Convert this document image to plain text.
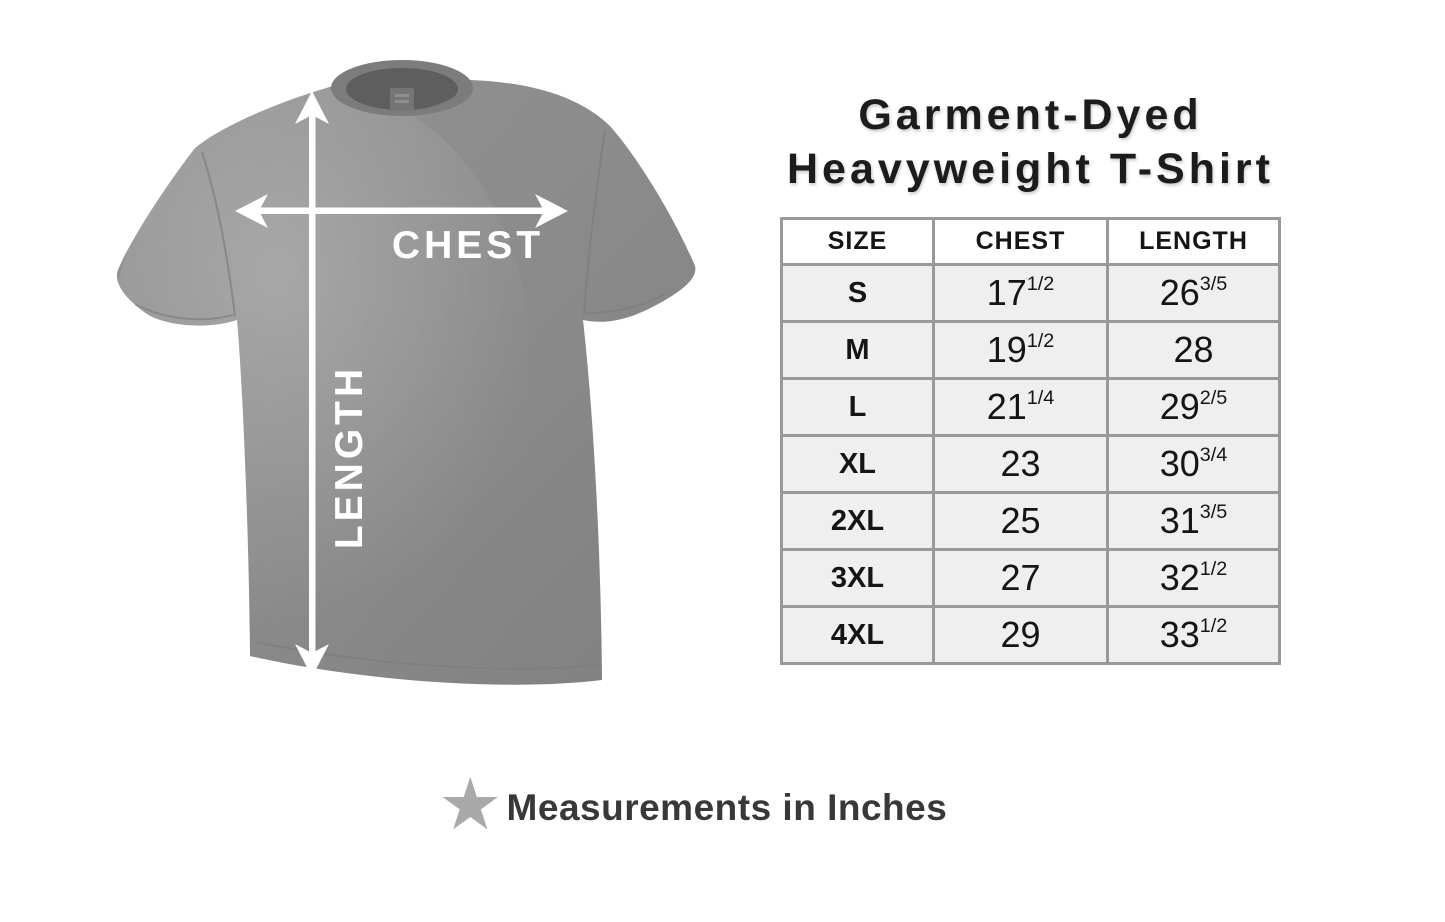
CHEST
LENGTH
Garment-Dyed
Heavyweight T-Shirt
SIZE	CHEST	LENGTH
S	$17^{1/2}$	$26^{3/5}$
M	$19^{1/2}$	28
L	$21^{1/4}$	$29^{2/5}$
XL	23	$30^{3/4}$
2XL	25	$31^{3/5}$
3XL	27	$32^{1/2}$
4XL	29	$33^{1/2}$
★ Measurements in Inches
